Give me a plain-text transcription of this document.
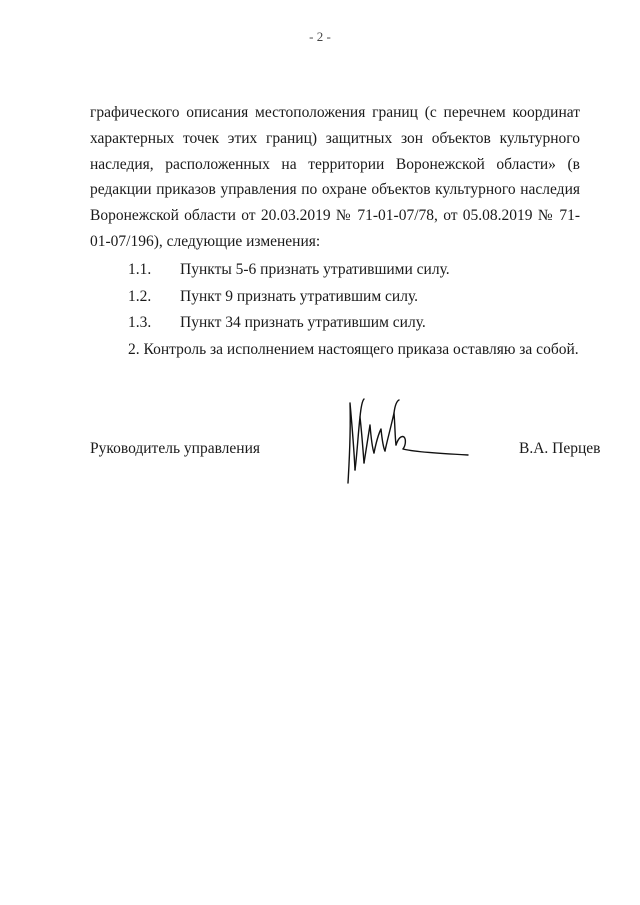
- 2 -

графического описания местоположения границ (с перечнем координат характерных точек этих границ) защитных зон объектов культурного наследия, расположенных на территории Воронежской области» (в редакции приказов управления по охране объектов культурного наследия Воронежской области от 20.03.2019 № 71-01-07/78, от 05.08.2019 № 71-01-07/196), следующие изменения:

1.1. Пункты 5-6 признать утратившими силу.
1.2. Пункт 9 признать утратившим силу.
1.3. Пункт 34 признать утратившим силу.
2. Контроль за исполнением настоящего приказа оставляю за собой.
Руководитель управления	В.А. Перцев
